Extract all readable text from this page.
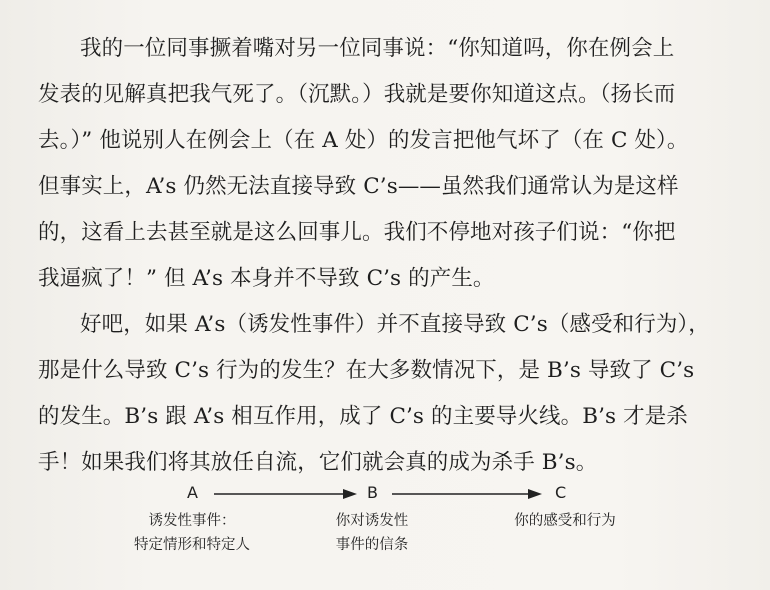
我的一位同事撅着嘴对另一位同事说：“你知道吗，你在例会上
发表的见解真把我气死了。（沉默。）我就是要你知道这点。（扬长而
去。）” 他说别人在例会上（在 A 处）的发言把他气坏了（在 C 处）。
但事实上，A’s 仍然无法直接导致 C’s——虽然我们通常认为是这样
的，这看上去甚至就是这么回事儿。我们不停地对孩子们说：“你把
我逼疯了！” 但 A’s 本身并不导致 C’s 的产生。
好吧，如果 A’s（诱发性事件）并不直接导致 C’s（感受和行为），
那是什么导致 C’s 行为的发生？在大多数情况下，是 B’s 导致了 C’s
的发生。B’s 跟 A’s 相互作用，成了 C’s 的主要导火线。B’s 才是杀
手！如果我们将其放任自流，它们就会真的成为杀手 B’s。
A	B	C
诱发性事件：
特定情形和特定人
你对诱发性
事件的信条
你的感受和行为
